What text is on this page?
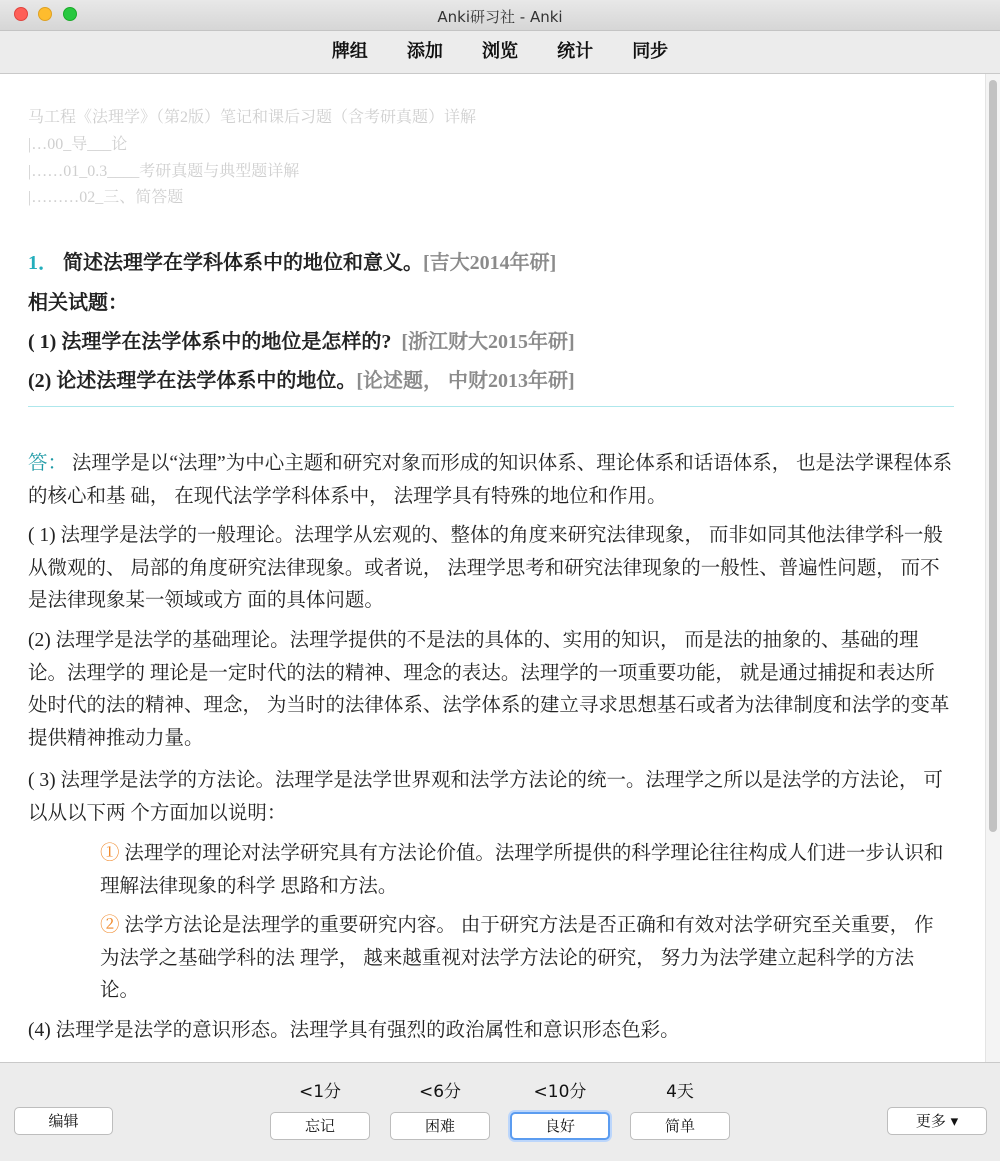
Anki研习社 - Anki
牌组 添加 浏览 统计 同步
马工程《法理学》（第2版）笔记和课后习题（含考研真题）详解
|…00_导___论
|……01_0.3____考研真题与典型题详解
|………02_三、简答题
1． 简述法理学在学科体系中的地位和意义。[吉大2014年研]
相关试题：
( 1) 法理学在法学体系中的地位是怎样的? [浙江财大2015年研]
(2) 论述法理学在法学体系中的地位。[论述题， 中财2013年研]
答： 法理学是以“法理”为中心主题和研究对象而形成的知识体系、理论体系和话语体系， 也是法学课程体系的核心和基 础， 在现代法学学科体系中， 法理学具有特殊的地位和作用。
( 1) 法理学是法学的一般理论。法理学从宏观的、整体的角度来研究法律现象， 而非如同其他法律学科一般从微观的、 局部的角度研究法律现象。或者说， 法理学思考和研究法律现象的一般性、普遍性问题， 而不是法律现象某一领域或方 面的具体问题。
(2) 法理学是法学的基础理论。法理学提供的不是法的具体的、实用的知识， 而是法的抽象的、基础的理论。法理学的 理论是一定时代的法的精神、理念的表达。法理学的一项重要功能， 就是通过捕捉和表达所处时代的法的精神、理念， 为当时的法律体系、法学体系的建立寻求思想基石或者为法律制度和法学的变革提供精神推动力量。
( 3) 法理学是法学的方法论。法理学是法学世界观和法学方法论的统一。法理学之所以是法学的方法论， 可以从以下两 个方面加以说明：
① 法理学的理论对法学研究具有方法论价值。法理学所提供的科学理论往往构成人们进一步认识和理解法律现象的科学 思路和方法。
② 法学方法论是法理学的重要研究内容。 由于研究方法是否正确和有效对法学研究至关重要， 作为法学之基础学科的法 理学， 越来越重视对法学方法论的研究， 努力为法学建立起科学的方法论。
(4) 法理学是法学的意识形态。法理学具有强烈的政治属性和意识形态色彩。
编辑
<1分	<6分	<10分	4天
忘记	困难	良好	简单	更多 ▾
